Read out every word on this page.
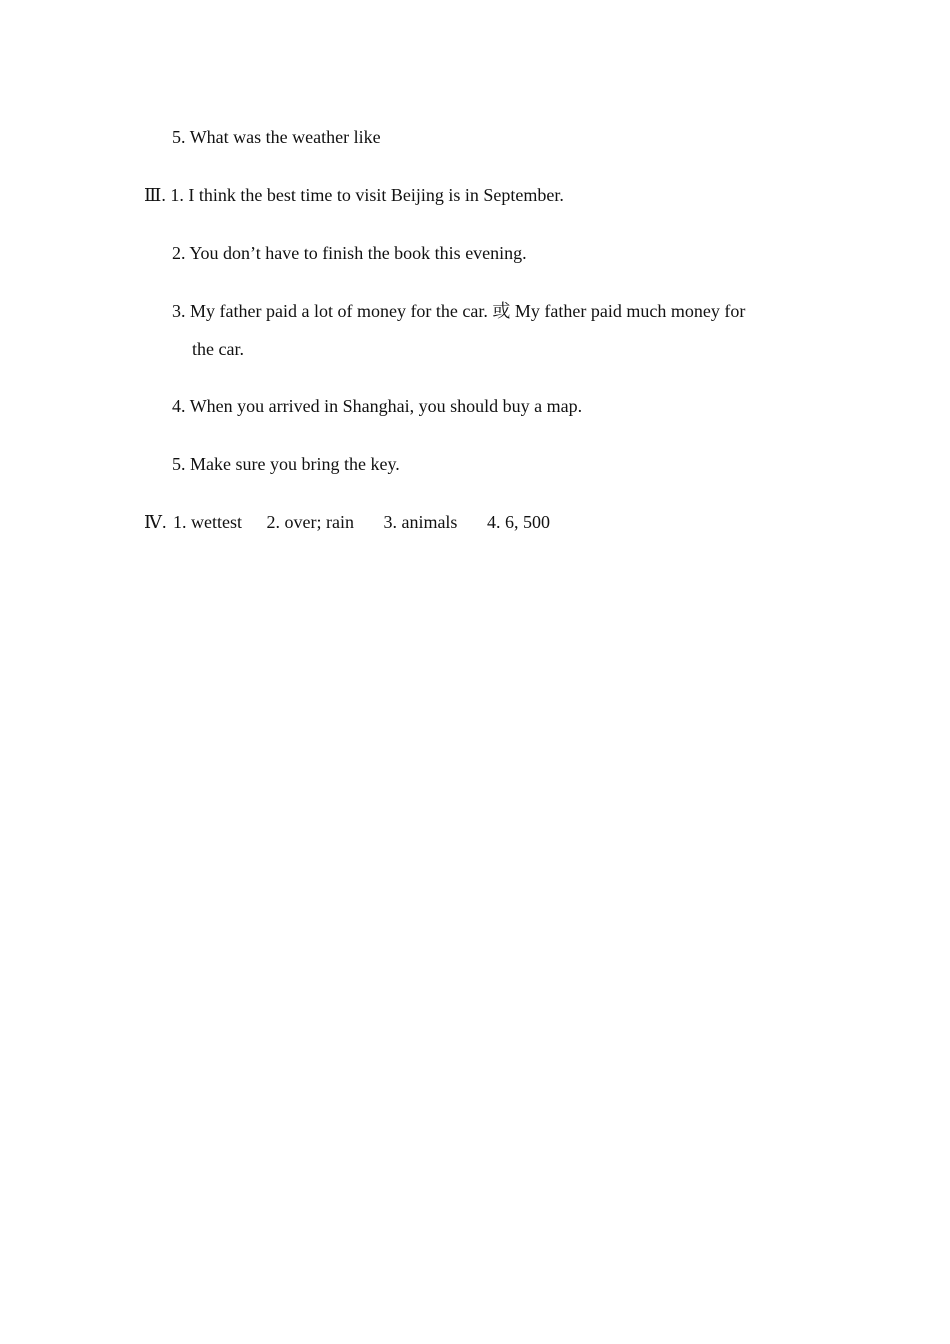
5. What was the weather like
Ⅲ. 1. I think the best time to visit Beijing is in September.
2. You don’t have to finish the book this evening.
3. My father paid a lot of money for the car. 或 My father paid much money for
the car.
4. When you arrived in Shanghai, you should buy a map.
5. Make sure you bring the key.
Ⅳ. 1. wettest 2. over; rain 3. animals 4. 6, 500
